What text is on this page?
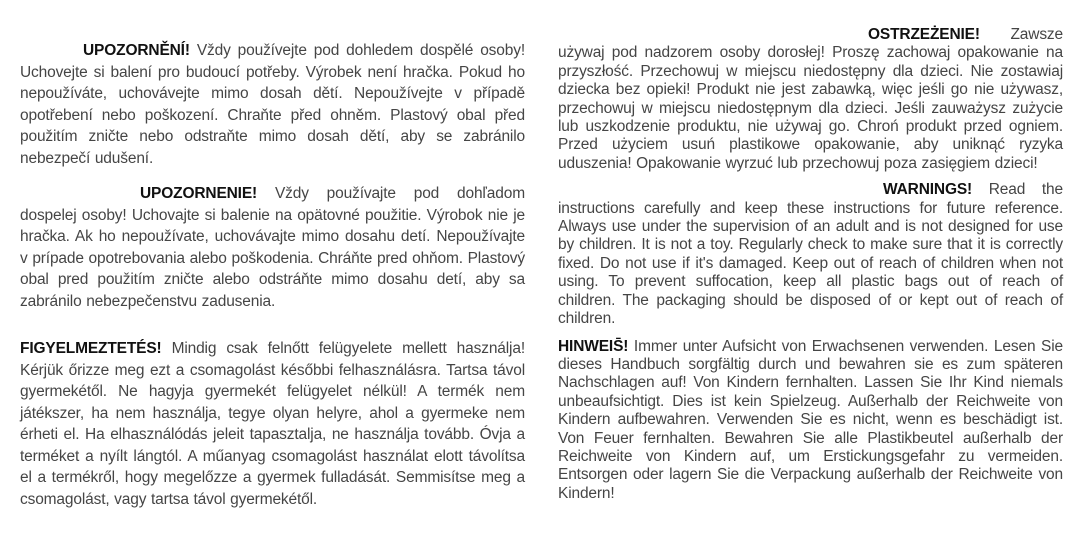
UPOZORNĚNÍ! Vždy používejte pod dohledem dospělé osoby! Uchovejte si balení pro budoucí potřeby. Výrobek není hračka. Pokud ho nepoužíváte, uchovávejte mimo dosah dětí. Nepoužívejte v případě opotřebení nebo poškození. Chraňte před ohněm. Plastový obal před použitím zničte nebo odstraňte mimo dosah dětí, aby se zabránilo nebezpečí udušení.

UPOZORNENIE! Vždy používajte pod dohľadom dospelej osoby! Uchovajte si balenie na opätovné použitie. Výrobok nie je hračka. Ak ho nepoužívate, uchovávajte mimo dosahu detí. Nepoužívajte v prípade opotrebovania alebo poškodenia. Chráňte pred ohňom. Plastový obal pred použitím zničte alebo odstráňte mimo dosahu detí, aby sa zabránilo nebezpečenstvu zadusenia.

FIGYELMEZTETÉS! Mindig csak felnőtt felügyelete mellett használja! Kérjük őrizze meg ezt a csomagolást későbbi felhasználásra. Tartsa távol gyermekétől. Ne hagyja gyermekét felügyelet nélkül! A termék nem játékszer, ha nem használja, tegye olyan helyre, ahol a gyermeke nem érheti el. Ha elhasználódás jeleit tapasztalja, ne használja tovább. Óvja a terméket a nyílt lángtól. A műanyag csomagolást használat elott távolítsa el a termékről, hogy megelőzze a gyermek fulladását. Semmisítse meg a csomagolást, vagy tartsa távol gyermekétől.

OSTRZEŻENIE! Zawsze używaj pod nadzorem osoby dorosłej! Proszę zachowaj opakowanie na przyszłość. Przechowuj w miejscu niedostępny dla dzieci. Nie zostawiaj dziecka bez opieki! Produkt nie jest zabawką, więc jeśli go nie używasz, przechowuj w miejscu niedostępnym dla dzieci. Jeśli zauważysz zużycie lub uszkodzenie produktu, nie używaj go. Chroń produkt przed ogniem. Przed użyciem usuń plastikowe opakowanie, aby uniknąć ryzyka uduszenia! Opakowanie wyrzuć lub przechowuj poza zasięgiem dzieci!

WARNINGS! Read the instructions carefully and keep these instructions for future reference. Always use under the supervision of an adult and is not designed for use by children. It is not a toy. Regularly check to make sure that it is correctly fixed. Do not use if it's damaged. Keep out of reach of children when not using. To prevent suffocation, keep all plastic bags out of reach of children. The packaging should be disposed of or kept out of reach of children.

HINWEIS̄! Immer unter Aufsicht von Erwachsenen verwenden. Lesen Sie dieses Handbuch sorgfältig durch und bewahren sie es zum späteren Nachschlagen auf! Von Kindern fernhalten. Lassen Sie Ihr Kind niemals unbeaufsichtigt. Dies ist kein Spielzeug. Außerhalb der Reichweite von Kindern aufbewahren. Verwenden Sie es nicht, wenn es beschädigt ist. Von Feuer fernhalten. Bewahren Sie alle Plastikbeutel außerhalb der Reichweite von Kindern auf, um Erstickungsgefahr zu vermeiden. Entsorgen oder lagern Sie die Verpackung außerhalb der Reichweite von Kindern!
